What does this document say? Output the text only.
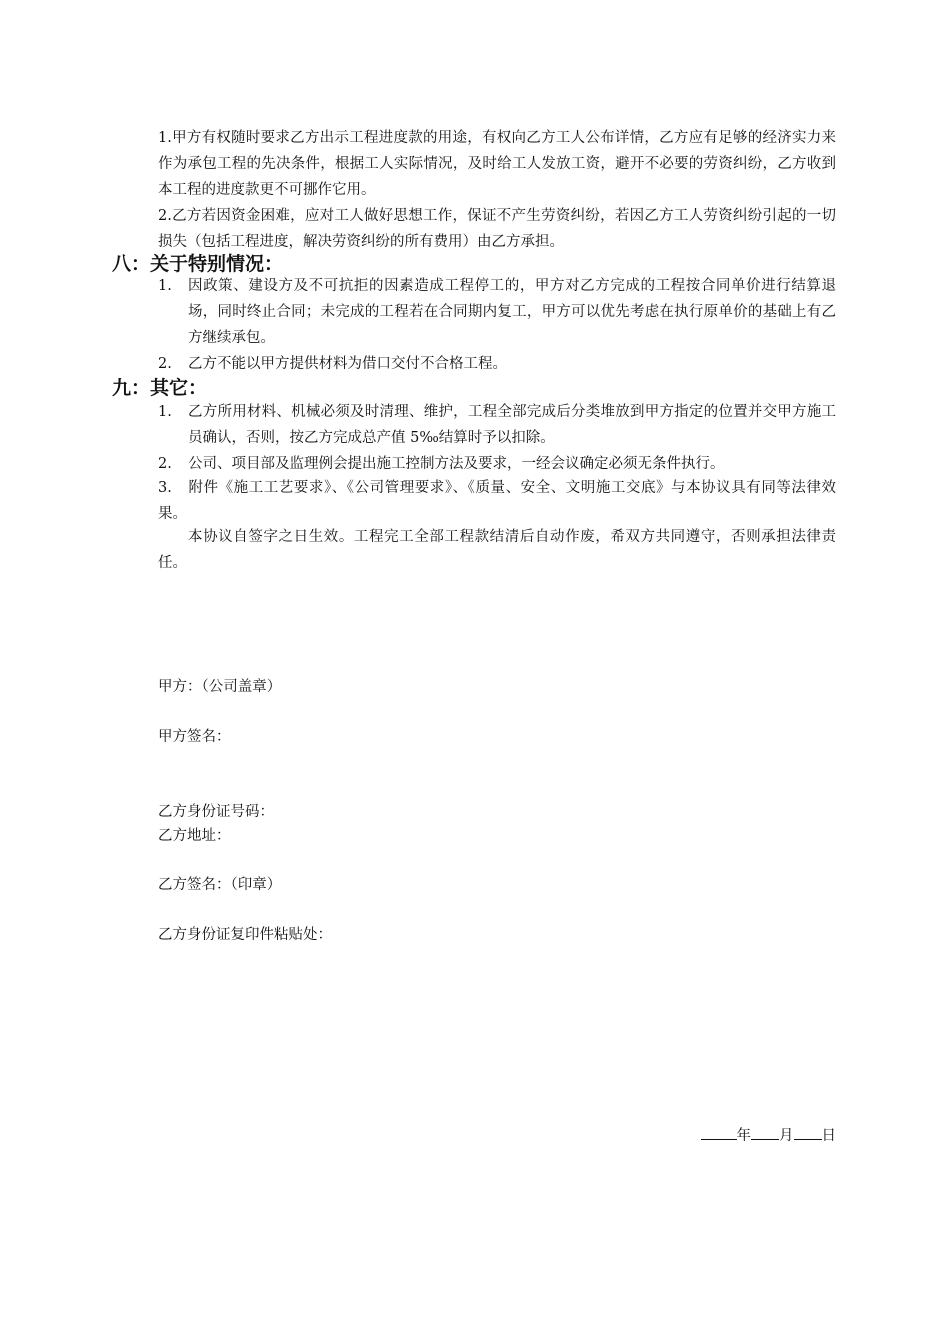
1.甲方有权随时要求乙方出示工程进度款的用途，有权向乙方工人公布详情，乙方应有足够的经济实力来作为承包工程的先决条件，根据工人实际情况，及时给工人发放工资，避开不必要的劳资纠纷，乙方收到本工程的进度款更不可挪作它用。

2.乙方若因资金困难，应对工人做好思想工作，保证不产生劳资纠纷，若因乙方工人劳资纠纷引起的一切损失（包括工程进度，解决劳资纠纷的所有费用）由乙方承担。

八：关于特别情况：
1.	因政策、建设方及不可抗拒的因素造成工程停工的，甲方对乙方完成的工程按合同单价进行结算退场，同时终止合同；未完成的工程若在合同期内复工，甲方可以优先考虑在执行原单价的基础上有乙方继续承包。
2.	乙方不能以甲方提供材料为借口交付不合格工程。
九：其它：
1.	乙方所用材料、机械必须及时清理、维护，工程全部完成后分类堆放到甲方指定的位置并交甲方施工员确认，否则，按乙方完成总产值 5‰结算时予以扣除。
2.	公司、项目部及监理例会提出施工控制方法及要求，一经会议确定必须无条件执行。
3. 附件《施工工艺要求》、《公司管理要求》、《质量、安全、文明施工交底》与本协议具有同等法律效果。

本协议自签字之日生效。工程完工全部工程款结清后自动作废，希双方共同遵守，否则承担法律责任。

甲方：（公司盖章）

甲方签名：

乙方身份证号码：

乙方地址：

乙方签名：（印章）

乙方身份证复印件粘贴处：

年 月 日
